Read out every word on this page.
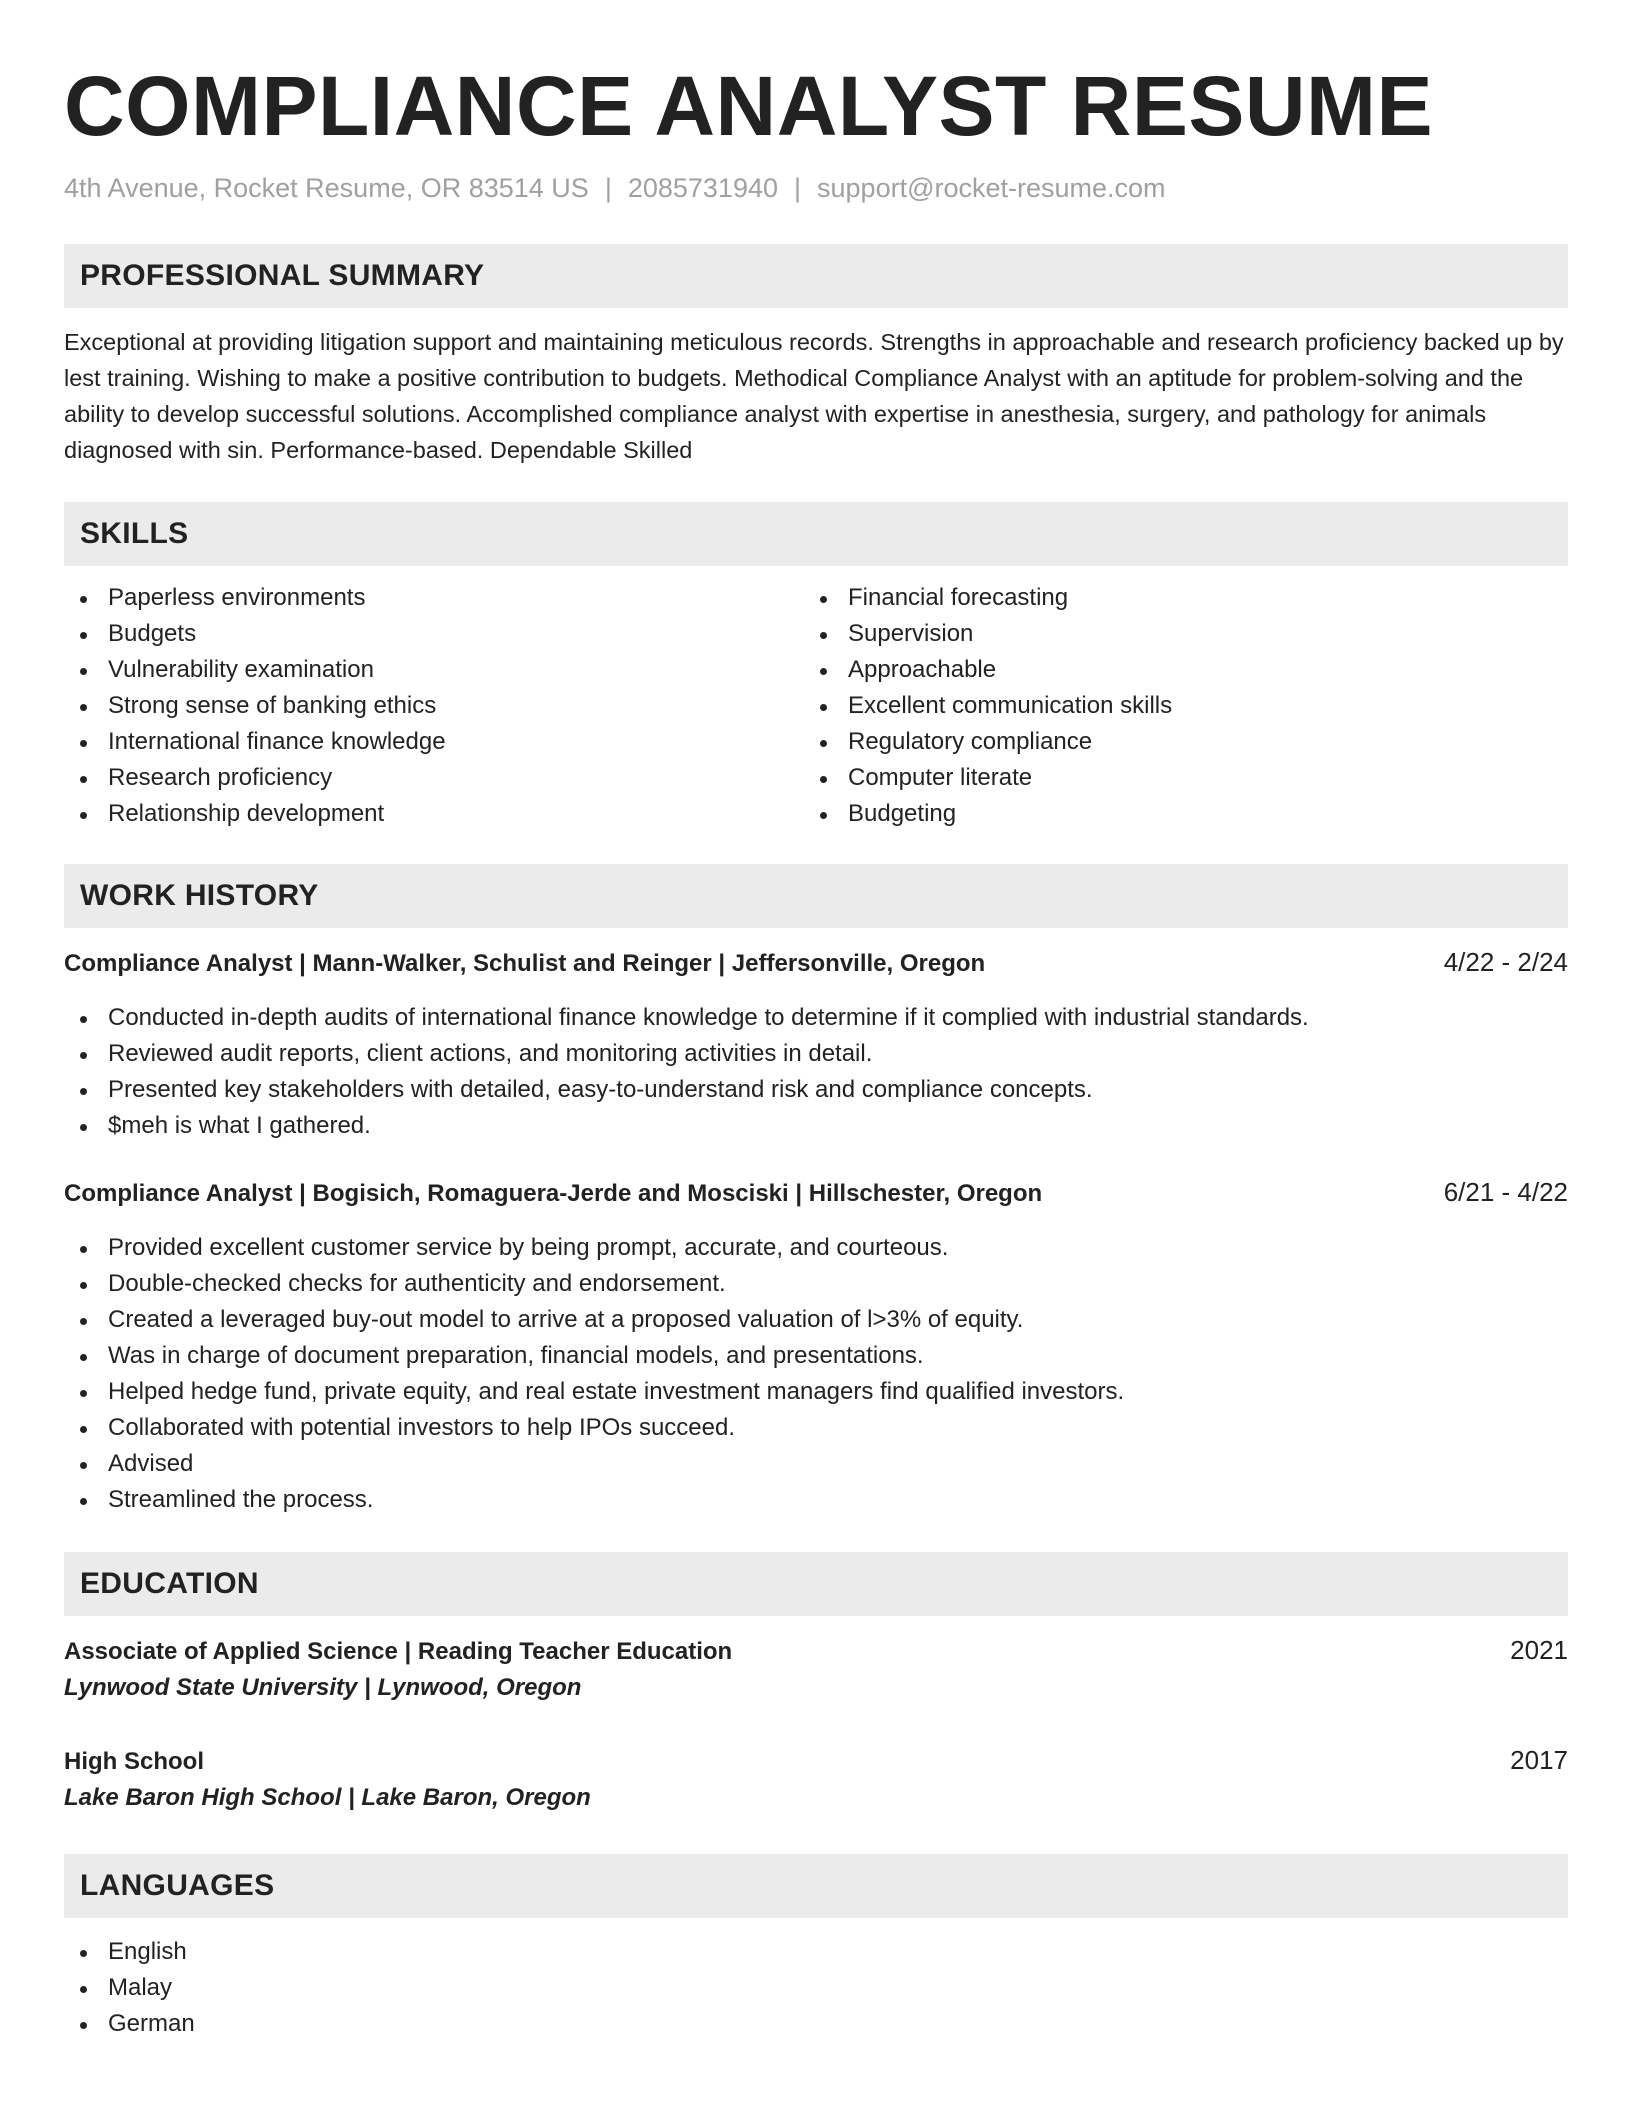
COMPLIANCE ANALYST RESUME
4th Avenue, Rocket Resume, OR 83514 US | 2085731940 | support@rocket-resume.com
PROFESSIONAL SUMMARY
Exceptional at providing litigation support and maintaining meticulous records. Strengths in approachable and research proficiency backed up by lest training. Wishing to make a positive contribution to budgets. Methodical Compliance Analyst with an aptitude for problem-solving and the ability to develop successful solutions. Accomplished compliance analyst with expertise in anesthesia, surgery, and pathology for animals diagnosed with sin. Performance-based. Dependable Skilled
SKILLS
Paperless environments
Budgets
Vulnerability examination
Strong sense of banking ethics
International finance knowledge
Research proficiency
Relationship development
Financial forecasting
Supervision
Approachable
Excellent communication skills
Regulatory compliance
Computer literate
Budgeting
WORK HISTORY
Compliance Analyst | Mann-Walker, Schulist and Reinger | Jeffersonville, Oregon	4/22 - 2/24
Conducted in-depth audits of international finance knowledge to determine if it complied with industrial standards.
Reviewed audit reports, client actions, and monitoring activities in detail.
Presented key stakeholders with detailed, easy-to-understand risk and compliance concepts.
$meh is what I gathered.
Compliance Analyst | Bogisich, Romaguera-Jerde and Mosciski | Hillschester, Oregon	6/21 - 4/22
Provided excellent customer service by being prompt, accurate, and courteous.
Double-checked checks for authenticity and endorsement.
Created a leveraged buy-out model to arrive at a proposed valuation of l>3% of equity.
Was in charge of document preparation, financial models, and presentations.
Helped hedge fund, private equity, and real estate investment managers find qualified investors.
Collaborated with potential investors to help IPOs succeed.
Advised
Streamlined the process.
EDUCATION
Associate of Applied Science | Reading Teacher Education	2021
Lynwood State University | Lynwood, Oregon
High School	2017
Lake Baron High School | Lake Baron, Oregon
LANGUAGES
English
Malay
German
